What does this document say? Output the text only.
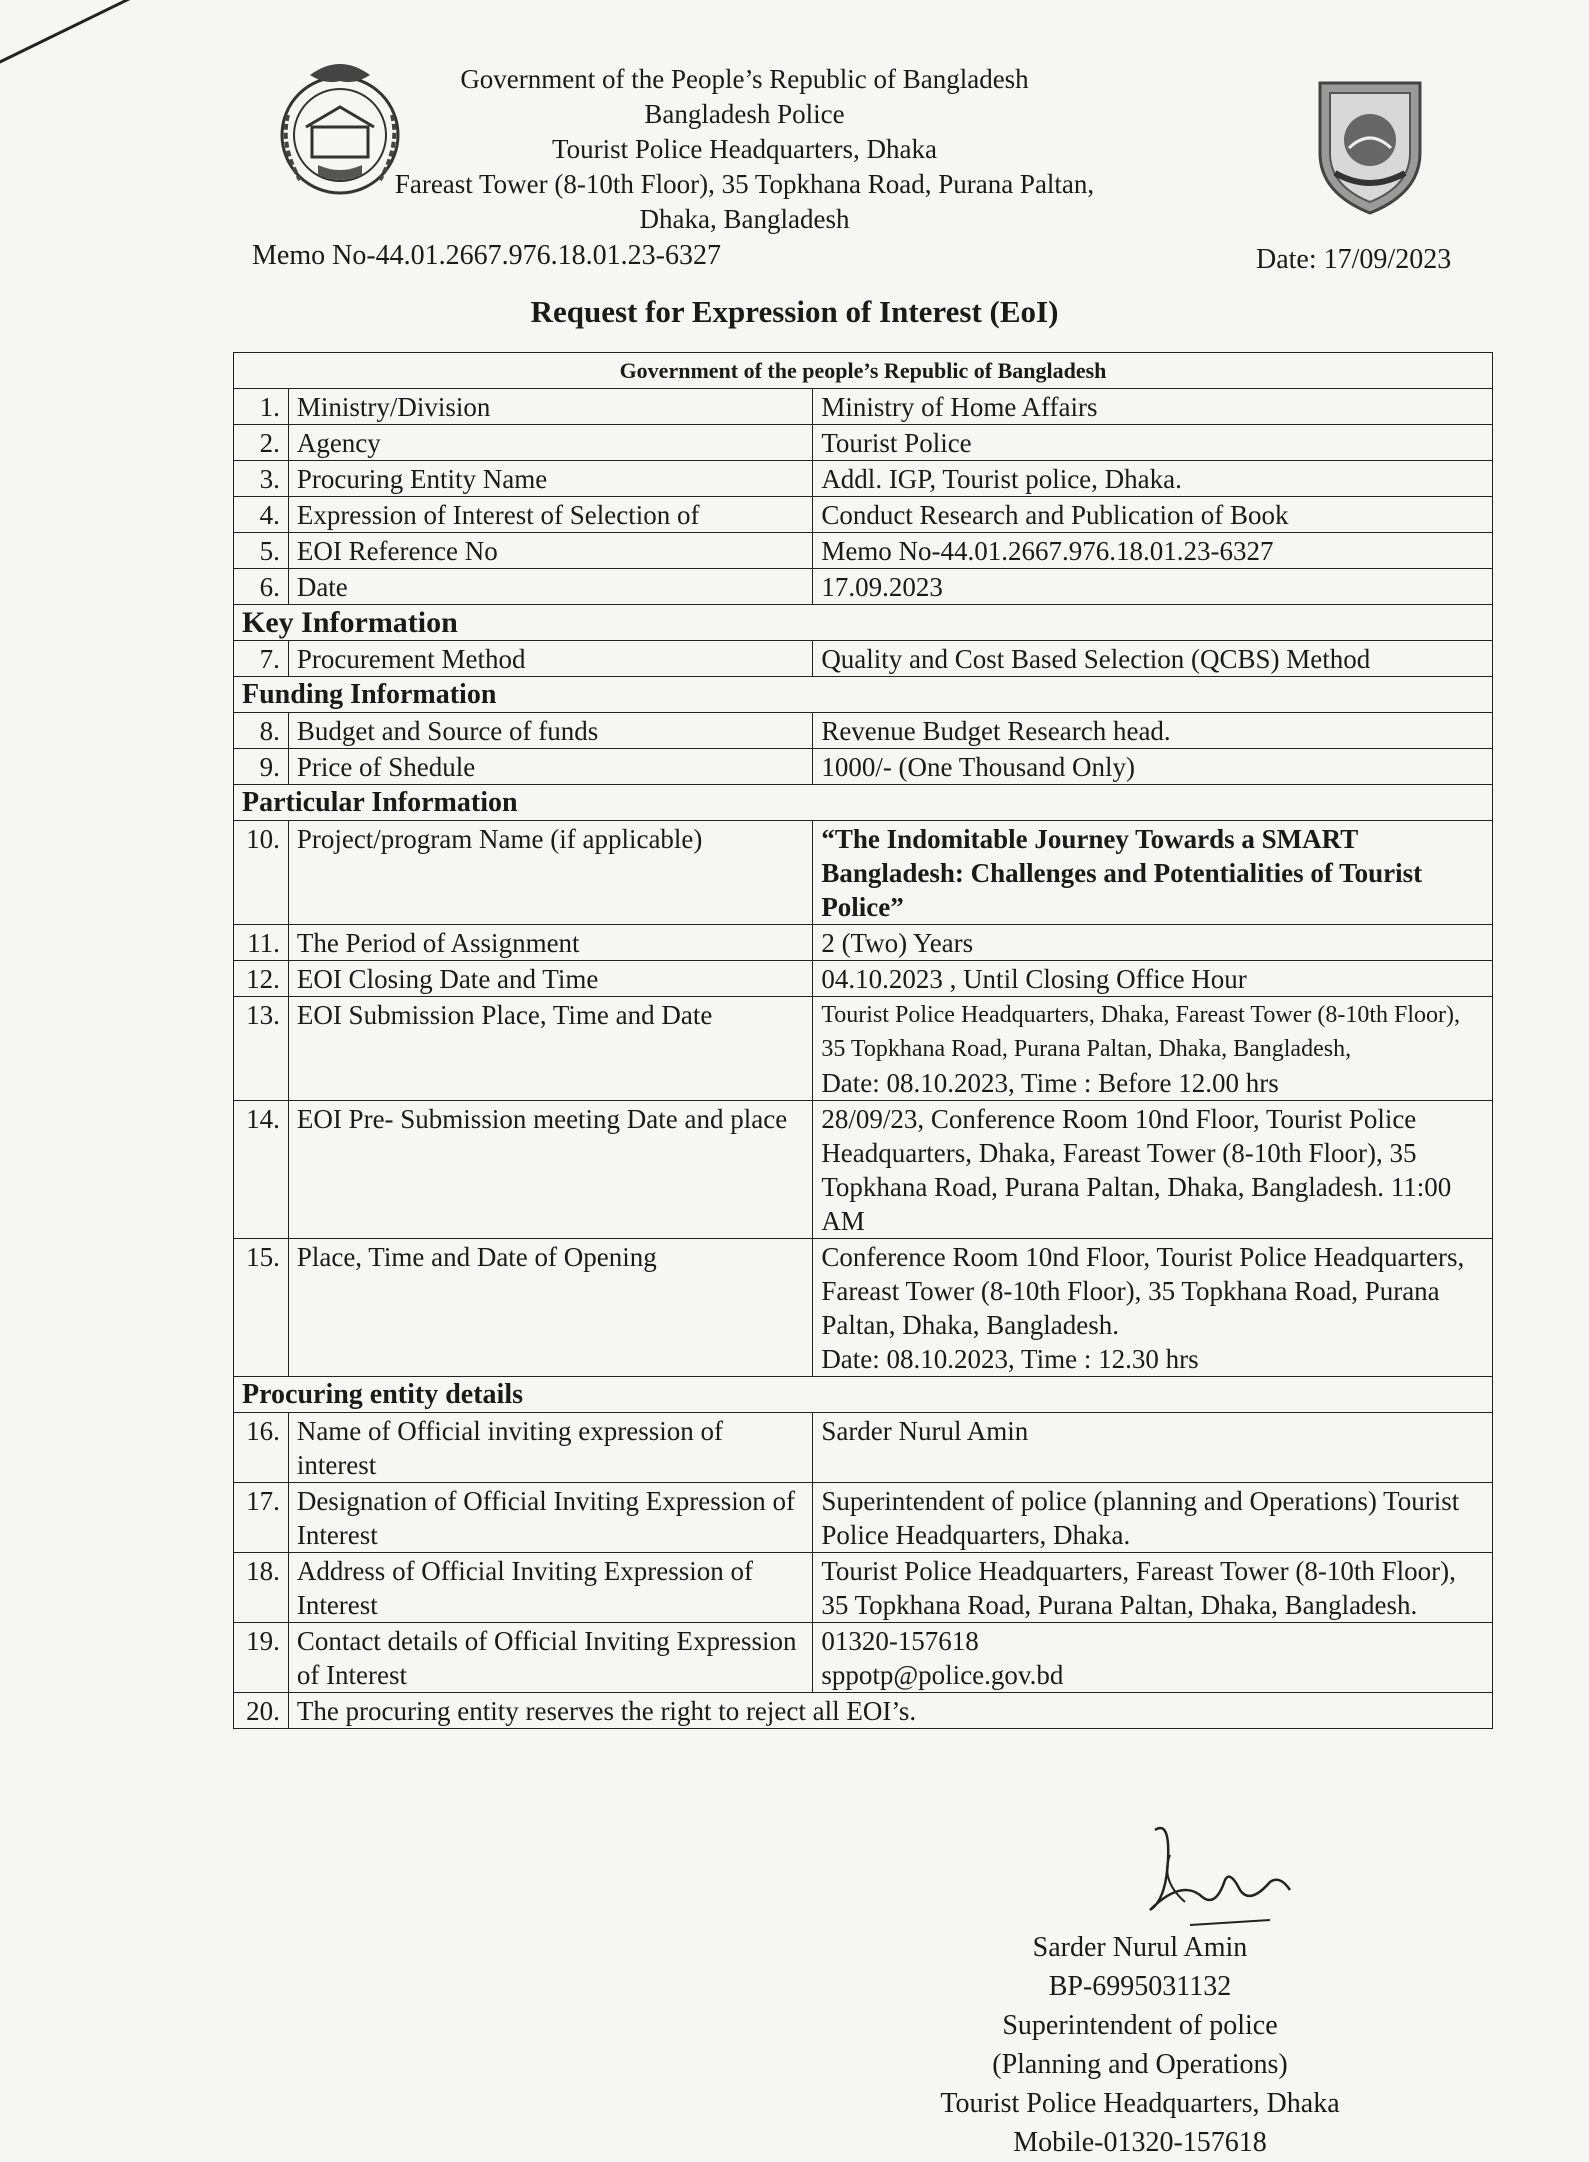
Government of the People’s Republic of Bangladesh
Bangladesh Police
Tourist Police Headquarters, Dhaka
Fareast Tower (8-10th Floor), 35 Topkhana Road, Purana Paltan,
Dhaka, Bangladesh
Memo No-44.01.2667.976.18.01.23-6327	Date: 17/09/2023
Request for Expression of Interest (EoI)
Government of the people’s Republic of Bangladesh		
1.	Ministry/Division	Ministry of Home Affairs
2.	Agency	Tourist Police
3.	Procuring Entity Name	Addl. IGP, Tourist police, Dhaka.
4.	Expression of Interest of Selection of	Conduct Research and Publication of Book
5.	EOI Reference No	Memo No-44.01.2667.976.18.01.23-6327
6.	Date	17.09.2023
Key Information		
7.	Procurement Method	Quality and Cost Based Selection (QCBS) Method
Funding Information		
8.	Budget and Source of funds	Revenue Budget Research head.
9.	Price of Shedule	1000/- (One Thousand Only)
Particular Information		
10.	Project/program Name (if applicable)	“The Indomitable Journey Towards a SMART Bangladesh: Challenges and Potentialities of Tourist Police”
11.	The Period of Assignment	2 (Two) Years
12.	EOI Closing Date and Time	04.10.2023 , Until Closing Office Hour
13.	EOI Submission Place, Time and Date	Tourist Police Headquarters, Dhaka, Fareast Tower (8-10th Floor), 35 Topkhana Road, Purana Paltan, Dhaka, Bangladesh,
Date: 08.10.2023, Time : Before 12.00 hrs

14.	EOI Pre- Submission meeting Date and place	28/09/23, Conference Room 10nd Floor, Tourist Police Headquarters, Dhaka, Fareast Tower (8-10th Floor), 35 Topkhana Road, Purana Paltan, Dhaka, Bangladesh. 11:00 AM
15.	Place, Time and Date of Opening	Conference Room 10nd Floor, Tourist Police Headquarters, Fareast Tower (8-10th Floor), 35 Topkhana Road, Purana Paltan, Dhaka, Bangladesh.
Date: 08.10.2023, Time : 12.30 hrs

Procuring entity details		
16.	Name of Official inviting expression of interest	Sarder Nurul Amin
17.	Designation of Official Inviting Expression of Interest	Superintendent of police (planning and Operations) Tourist Police Headquarters, Dhaka.
18.	Address of Official Inviting Expression of Interest	Tourist Police Headquarters, Fareast Tower (8-10th Floor), 35 Topkhana Road, Purana Paltan, Dhaka, Bangladesh.
19.	Contact details of Official Inviting Expression of Interest	01320-157618
sppotp@police.gov.bd

20.	The procuring entity reserves the right to reject all EOI’s.	
Sarder Nurul Amin
BP-6995031132
Superintendent of police
(Planning and Operations)
Tourist Police Headquarters, Dhaka
Mobile-01320-157618
